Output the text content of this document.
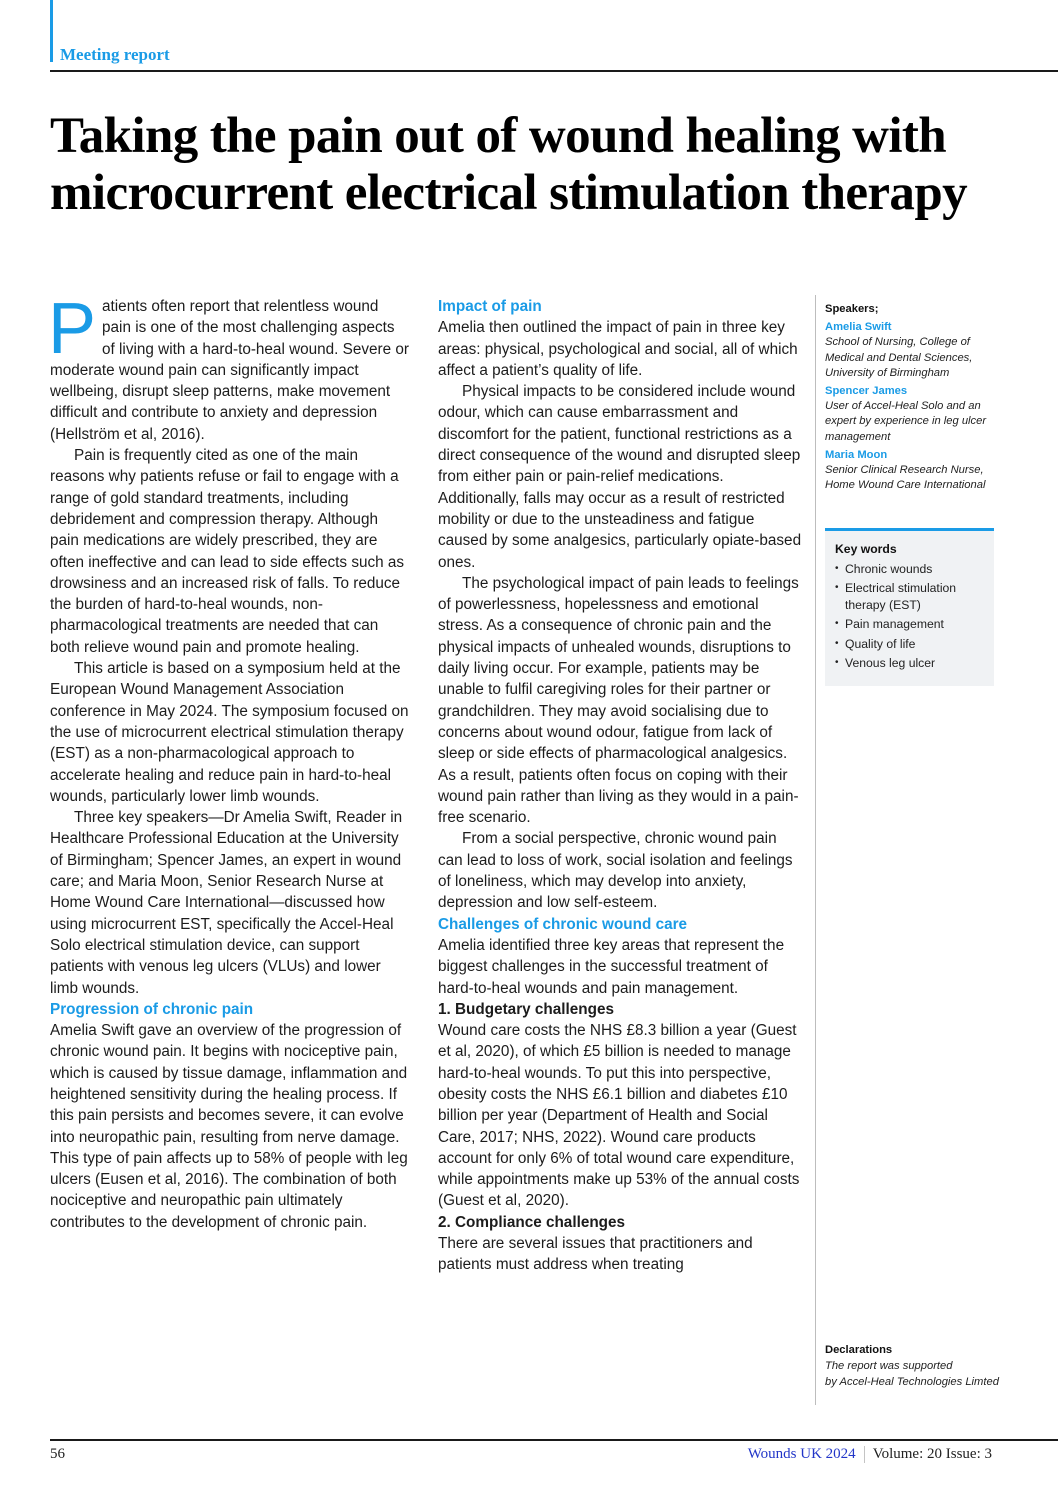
Meeting report
Taking the pain out of wound healing with microcurrent electrical stimulation therapy

Patients often report that relentless wound pain is one of the most challenging aspects of living with a hard-to-heal wound. Severe or moderate wound pain can significantly impact wellbeing, disrupt sleep patterns, make movement difficult and contribute to anxiety and depression (Hellström et al, 2016).

Pain is frequently cited as one of the main reasons why patients refuse or fail to engage with a range of gold standard treatments, including debridement and compression therapy. Although pain medications are widely prescribed, they are often ineffective and can lead to side effects such as drowsiness and an increased risk of falls. To reduce the burden of hard-to-heal wounds, non-pharmacological treatments are needed that can both relieve wound pain and promote healing.

This article is based on a symposium held at the European Wound Management Association conference in May 2024. The symposium focused on the use of microcurrent electrical stimulation therapy (EST) as a non-pharmacological approach to accelerate healing and reduce pain in hard-to-heal wounds, particularly lower limb wounds.

Three key speakers—Dr Amelia Swift, Reader in Healthcare Professional Education at the University of Birmingham; Spencer James, an expert in wound care; and Maria Moon, Senior Research Nurse at Home Wound Care International—discussed how using microcurrent EST, specifically the Accel-Heal Solo electrical stimulation device, can support patients with venous leg ulcers (VLUs) and lower limb wounds.

Progression of chronic pain

Amelia Swift gave an overview of the progression of chronic wound pain. It begins with nociceptive pain, which is caused by tissue damage, inflammation and heightened sensitivity during the healing process. If this pain persists and becomes severe, it can evolve into neuropathic pain, resulting from nerve damage. This type of pain affects up to 58% of people with leg ulcers (Eusen et al, 2016). The combination of both nociceptive and neuropathic pain ultimately contributes to the development of chronic pain.

Impact of pain

Amelia then outlined the impact of pain in three key areas: physical, psychological and social, all of which affect a patient’s quality of life.

Physical impacts to be considered include wound odour, which can cause embarrassment and discomfort for the patient, functional restrictions as a direct consequence of the wound and disrupted sleep from either pain or pain-relief medications. Additionally, falls may occur as a result of restricted mobility or due to the unsteadiness and fatigue caused by some analgesics, particularly opiate-based ones.

The psychological impact of pain leads to feelings of powerlessness, hopelessness and emotional stress. As a consequence of chronic pain and the physical impacts of unhealed wounds, disruptions to daily living occur. For example, patients may be unable to fulfil caregiving roles for their partner or grandchildren. They may avoid socialising due to concerns about wound odour, fatigue from lack of sleep or side effects of pharmacological analgesics. As a result, patients often focus on coping with their wound pain rather than living as they would in a pain-free scenario.

From a social perspective, chronic wound pain can lead to loss of work, social isolation and feelings of loneliness, which may develop into anxiety, depression and low self-esteem.

Challenges of chronic wound care

Amelia identified three key areas that represent the biggest challenges in the successful treatment of hard-to-heal wounds and pain management.

1. Budgetary challenges

Wound care costs the NHS £8.3 billion a year (Guest et al, 2020), of which £5 billion is needed to manage hard-to-heal wounds. To put this into perspective, obesity costs the NHS £6.1 billion and diabetes £10 billion per year (Department of Health and Social Care, 2017; NHS, 2022). Wound care products account for only 6% of total wound care expenditure, while appointments make up 53% of the annual costs (Guest et al, 2020).

2. Compliance challenges

There are several issues that practitioners and patients must address when treating

Speakers;
Amelia Swift
School of Nursing, College of Medical and Dental Sciences, University of Birmingham
Spencer James
User of Accel-Heal Solo and an expert by experience in leg ulcer management
Maria Moon
Senior Clinical Research Nurse, Home Wound Care International
Key words
• Chronic wounds
• Electrical stimulation therapy (EST)
• Pain management
• Quality of life
• Venous leg ulcer
Declarations
The report was supported
by Accel-Heal Technologies Limted
56	Wounds UK 2024 Volume: 20 Issue: 3
